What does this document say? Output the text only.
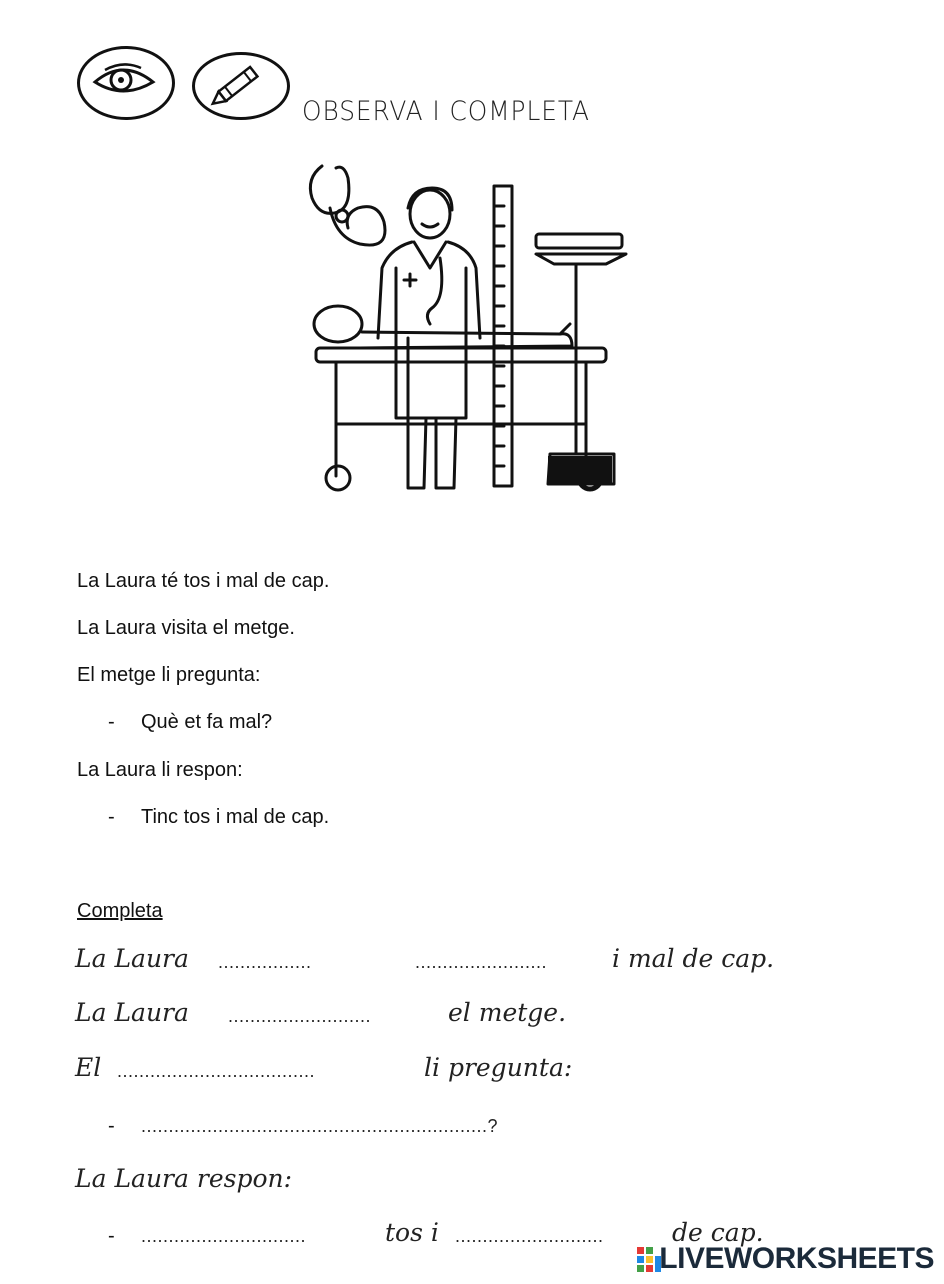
OBSERVA I COMPLETA
La Laura té tos i mal de cap.
La Laura visita el metge.
El metge li pregunta:
- Què et fa mal?
La Laura li respon:
- Tinc tos i mal de cap.
Completa
La Laura .................	........................	i mal de cap.
La Laura ..........................	el metge.
El ....................................	li pregunta:
- ...............................................................?
La Laura respon:
- ..............................	tos i ...........................	de cap.
LIVEWORKSHEETS
